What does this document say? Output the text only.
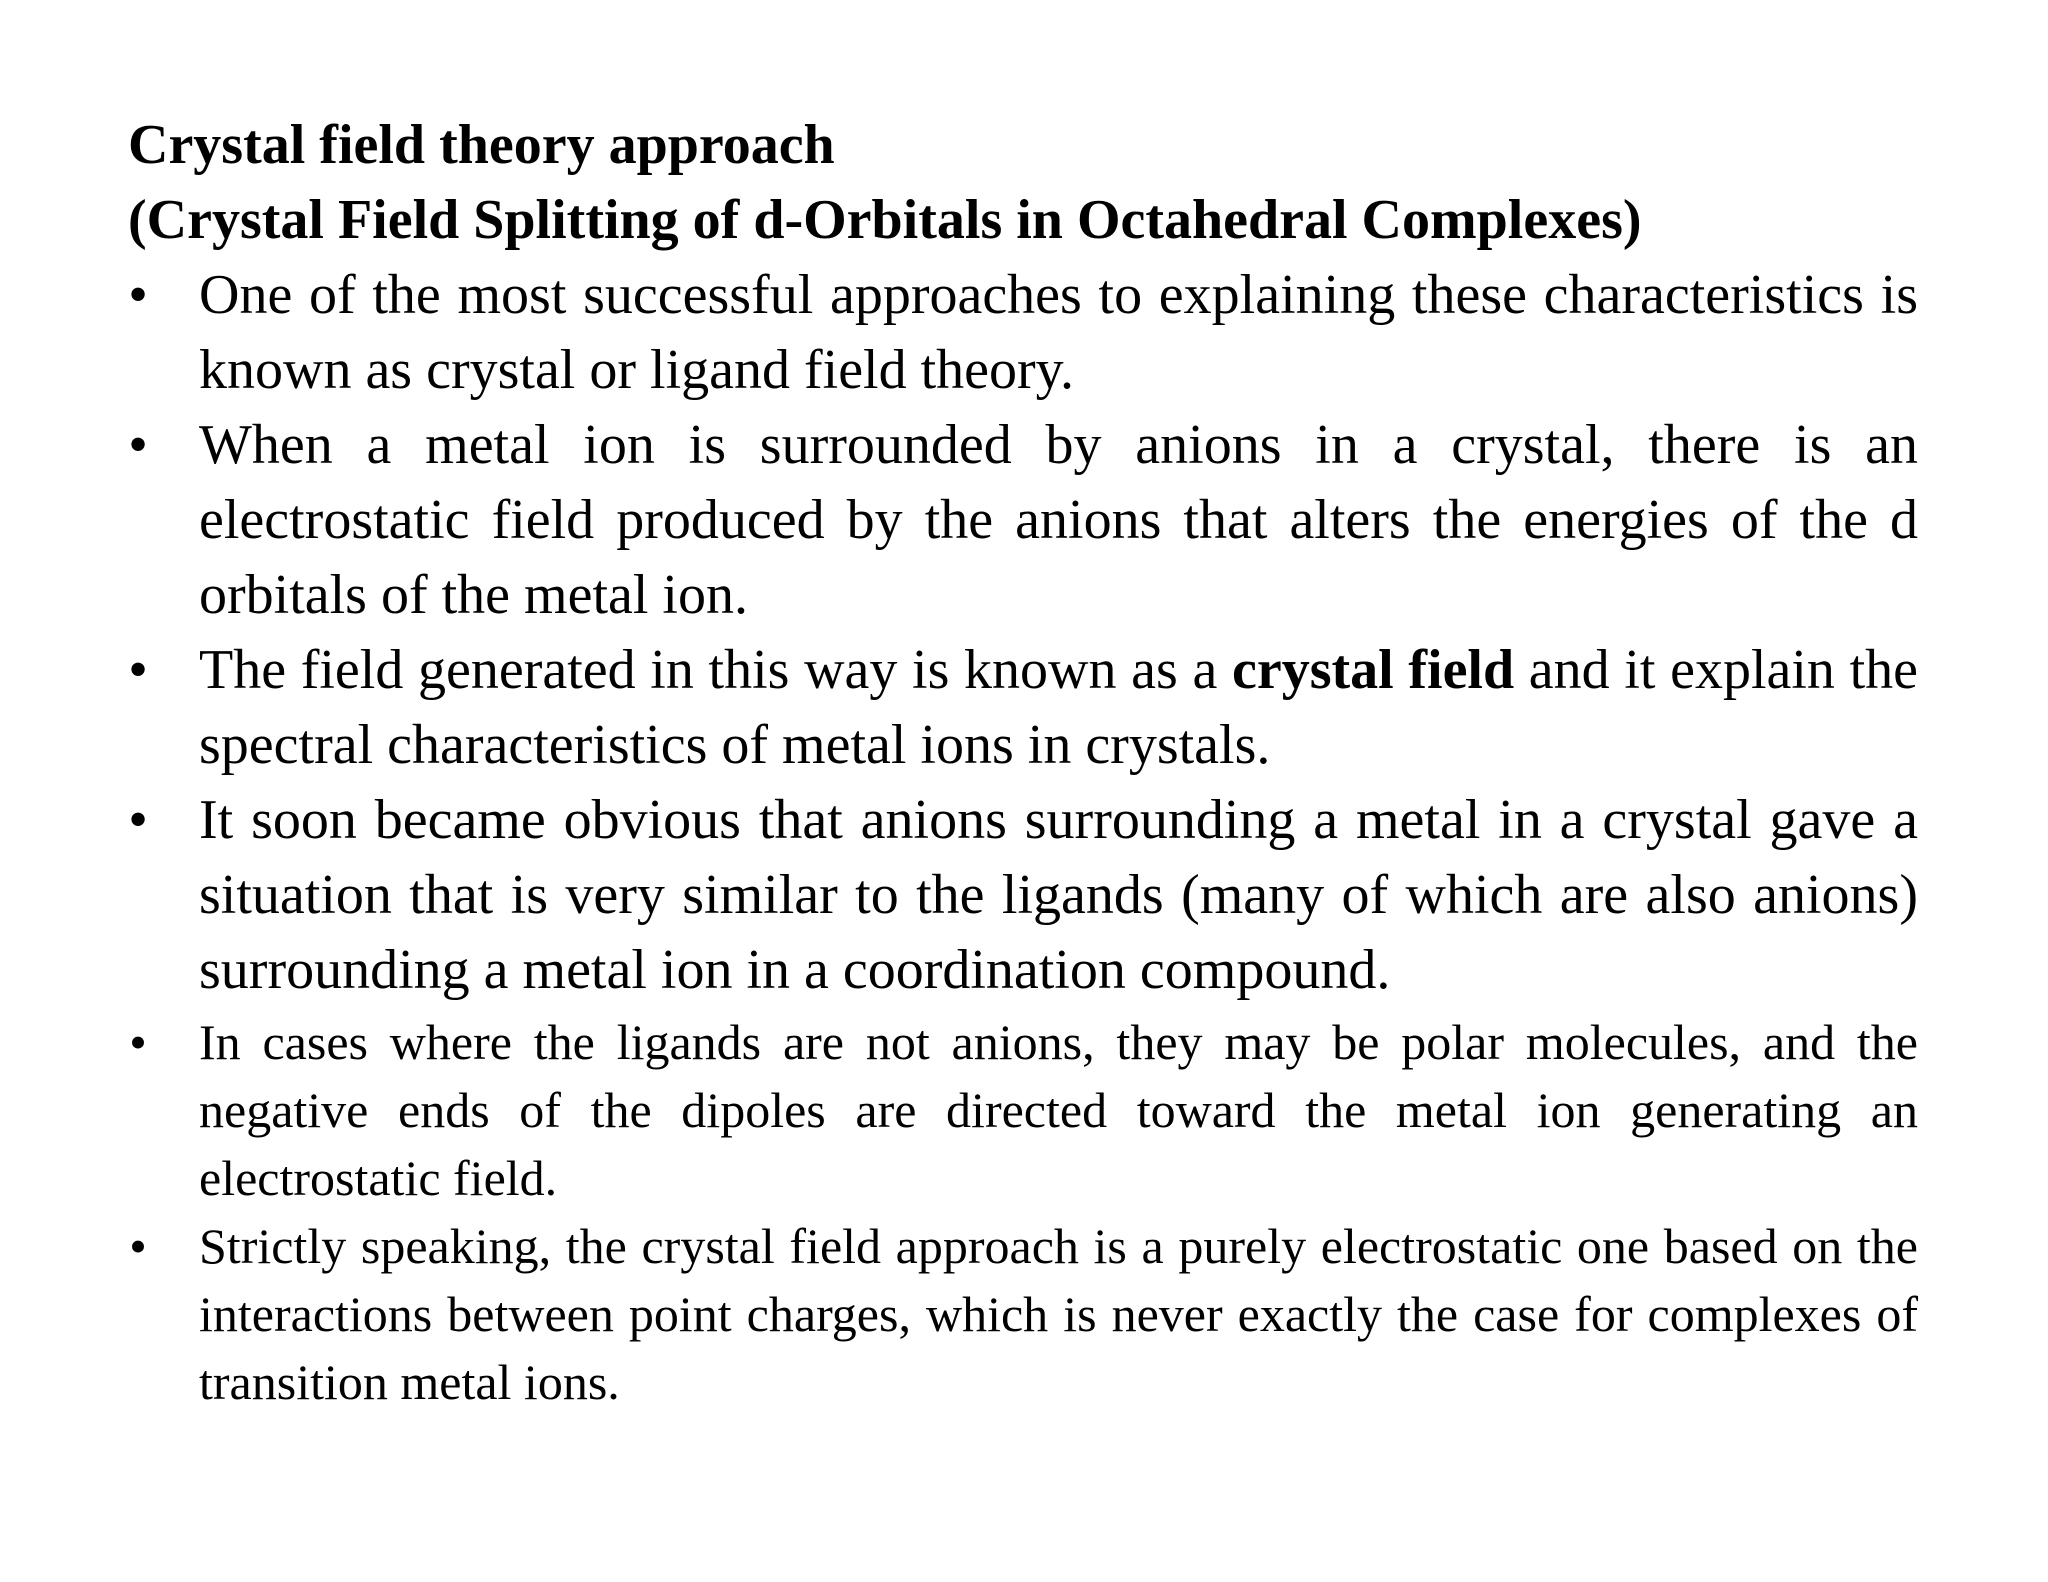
Crystal field theory approach
(Crystal Field Splitting of d-Orbitals in Octahedral Complexes)
• One of the most successful approaches to explaining these characteristics is known as crystal or ligand field theory.
• When a metal ion is surrounded by anions in a crystal, there is an electrostatic field produced by the anions that alters the energies of the d orbitals of the metal ion.
• The field generated in this way is known as a crystal field and it explain the spectral characteristics of metal ions in crystals.
• It soon became obvious that anions surrounding a metal in a crystal gave a situation that is very similar to the ligands (many of which are also anions) surrounding a metal ion in a coordination compound.
• In cases where the ligands are not anions, they may be polar molecules, and the negative ends of the dipoles are directed toward the metal ion generating an electrostatic field.
• Strictly speaking, the crystal field approach is a purely electrostatic one based on the interactions between point charges, which is never exactly the case for complexes of transition metal ions.
